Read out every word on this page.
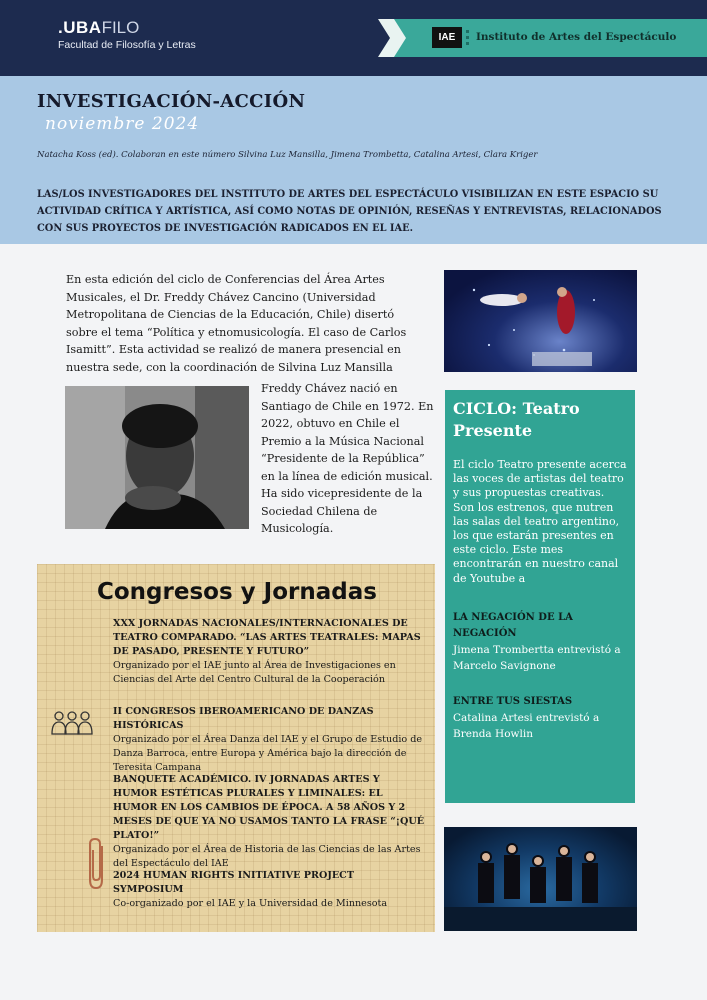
.UBAFILO
Facultad de Filosofía y Letras
IAE	Instituto de Artes del Espectáculo
INVESTIGACIÓN-ACCIÓN
noviembre 2024
Natacha Koss (ed). Colaboran en este número Silvina Luz Mansilla, Jimena Trombetta, Catalina Artesi, Clara Kriger
LAS/LOS INVESTIGADORES DEL INSTITUTO DE ARTES DEL ESPECTÁCULO VISIBILIZAN EN ESTE ESPACIO SU ACTIVIDAD CRÍTICA Y ARTÍSTICA, ASÍ COMO NOTAS DE OPINIÓN, RESEÑAS Y ENTREVISTAS, RELACIONADOS CON SUS PROYECTOS DE INVESTIGACIÓN RADICADOS EN EL IAE.
En esta edición del ciclo de Conferencias del Área Artes Musicales, el Dr. Freddy Chávez Cancino (Universidad Metropolitana de Ciencias de la Educación, Chile) disertó sobre el tema “Política y etnomusicología. El caso de Carlos Isamitt”. Esta actividad se realizó de manera presencial en nuestra sede, con la coordinación de Silvina Luz Mansilla
Freddy Chávez nació en Santiago de Chile en 1972. En 2022, obtuvo en Chile el Premio a la Música Nacional “Presidente de la República” en la línea de edición musical. Ha sido vicepresidente de la Sociedad Chilena de Musicología.
CICLO: Teatro Presente
El ciclo Teatro presente acerca las voces de artistas del teatro y sus propuestas creativas. Son los estrenos, que nutren las salas del teatro argentino, los que estarán presentes en este ciclo. Este mes encontrarán en nuestro canal de Youtube a
LA NEGACIÓN DE LA NEGACIÓN
Jimena Trombertta entrevistó a Marcelo Savignone
ENTRE TUS SIESTAS
Catalina Artesi entrevistó a Brenda Howlin
Congresos y Jornadas
XXX JORNADAS NACIONALES/INTERNACIONALES DE TEATRO COMPARADO. “LAS ARTES TEATRALES: MAPAS DE PASADO, PRESENTE Y FUTURO”
Organizado por el IAE junto al Área de Investigaciones en Ciencias del Arte del Centro Cultural de la Cooperación
II CONGRESOS IBEROAMERICANO DE DANZAS HISTÓRICAS
Organizado por el Área Danza del IAE y el Grupo de Estudio de Danza Barroca, entre Europa y América bajo la dirección de Teresita Campana
BANQUETE ACADÉMICO. IV JORNADAS ARTES Y HUMOR ESTÉTICAS PLURALES Y LIMINALES: EL HUMOR EN LOS CAMBIOS DE ÉPOCA. A 58 AÑOS Y 2 MESES DE QUE YA NO USAMOS TANTO LA FRASE “¡QUÉ PLATO!”
Organizado por el Área de Historia de las Ciencias de las Artes del Espectáculo del IAE
2024 HUMAN RIGHTS INITIATIVE PROJECT SYMPOSIUM
Co-organizado por el IAE y la Universidad de Minnesota
